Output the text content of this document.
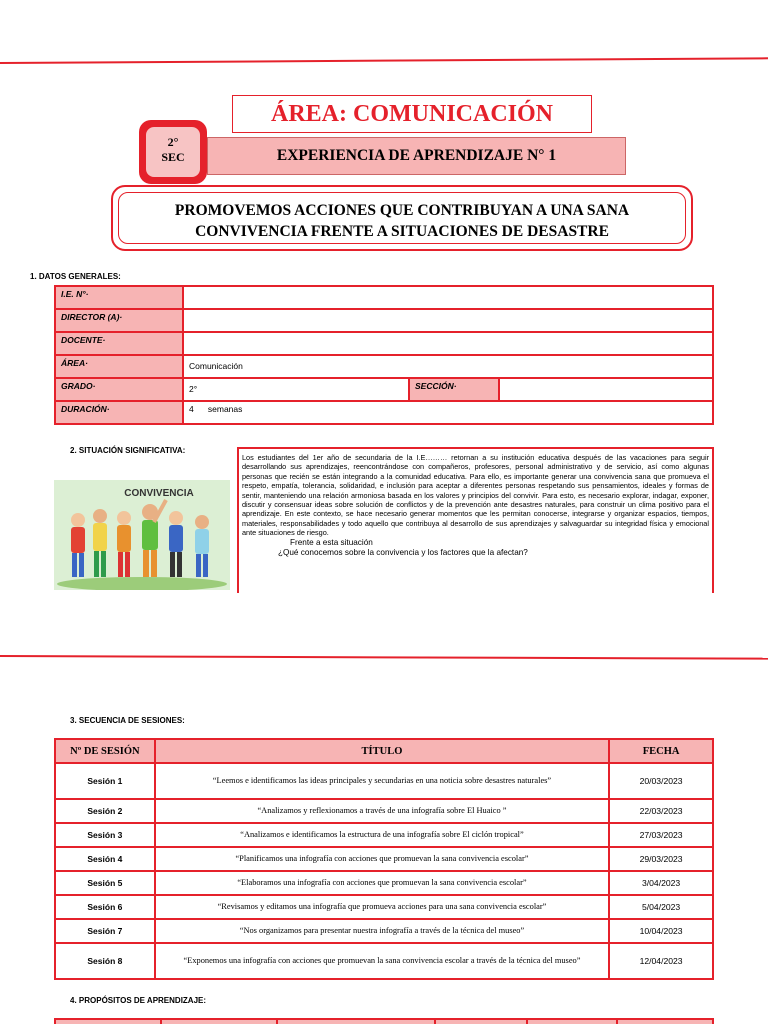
ÁREA: COMUNICACIÓN
2°
SEC	EXPERIENCIA DE APRENDIZAJE N° 1
PROMOVEMOS ACCIONES QUE CONTRIBUYAN A UNA SANA
CONVIVENCIA FRENTE A SITUACIONES DE DESASTRE
1. DATOS GENERALES:
I.E. N°·			
DIRECTOR (A)·			
DOCENTE·			
ÁREA·	Comunicación		
GRADO·	2°	SECCIÓN·	
DURACIÓN·	4      semanas		
2. SITUACIÓN SIGNIFICATIVA:
CONVIVENCIA
Los estudiantes del 1er año de secundaria de la I.E……… retornan a su institución educativa después de las vacaciones para seguir desarrollando sus aprendizajes, reencontrándose con compañeros, profesores, personal administrativo y de servicio, así como algunas personas que recién se están integrando a la comunidad educativa. Para ello, es importante generar una convivencia sana que promueva el respeto, empatía, tolerancia, solidaridad, e inclusión para aceptar a diferentes personas respetando sus pensamientos, ideales y formas de sentir, manteniendo una relación armoniosa basada en los valores y principios del convivir. Para esto, es necesario explorar, indagar, exponer, discutir y consensuar ideas sobre solución de conflictos y de la prevención ante desastres naturales, para construir un clima positivo para el aprendizaje. En este contexto, se hace necesario generar momentos que les permitan conocerse, integrarse y organizar espacios, tiempos, materiales, responsabilidades y todo aquello que contribuya al desarrollo de sus aprendizajes y salvaguardar su integridad física y emocional ante situaciones de riesgo.
Frente a esta situación
¿Qué conocemos sobre la convivencia y los factores que la afectan?
3. SECUENCIA DE SESIONES:
Nº DE SESIÓN	TÍTULO	FECHA
Sesión 1	“Leemos e identificamos las ideas principales y secundarias en una noticia sobre desastres naturales”	20/03/2023
Sesión 2	“Analizamos y reflexionamos a través de una infografía sobre El Huaico ”	22/03/2023
Sesión 3	“Analizamos e identificamos la estructura de una infografía sobre El ciclón tropical”	27/03/2023
Sesión 4	“Planificamos una infografía con acciones que promuevan la sana convivencia escolar”	29/03/2023
Sesión 5	“Elaboramos una infografía con acciones que promuevan la sana convivencia escolar”	3/04/2023
Sesión 6	“Revisamos y editamos una infografía que promueva acciones para una sana convivencia escolar”	5/04/2023
Sesión 7	“Nos organizamos para presentar nuestra infografía a través de la técnica del museo”	10/04/2023
Sesión 8	“Exponemos una infografía con acciones que promuevan la sana convivencia escolar a través de la técnica del museo”	12/04/2023
4. PROPÓSITOS DE APRENDIZAJE:
